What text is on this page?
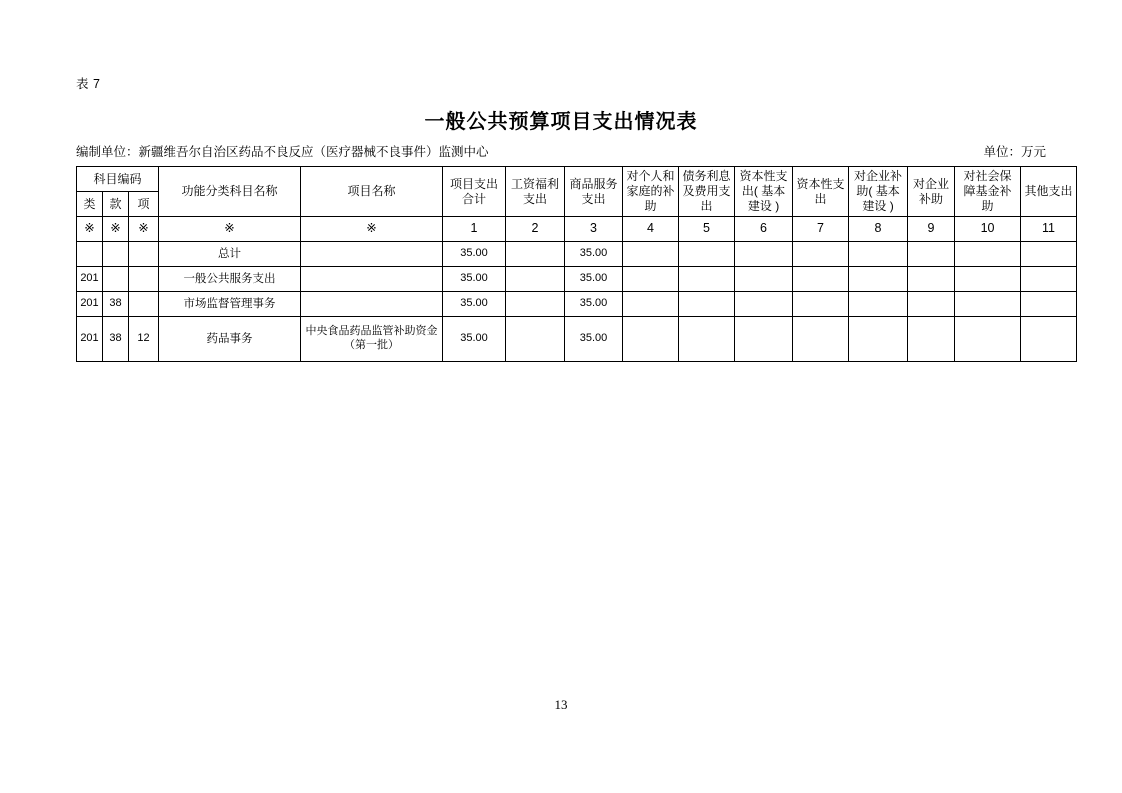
表 7
一般公共预算项目支出情况表
编制单位：新疆维吾尔自治区药品不良反应（医疗器械不良事件）监测中心	单位：万元
科目编码			功能分类科目名称	项目名称	项目支出合计	工资福利支出	商品服务支出	对个人和家庭的补助	债务利息及费用支出	资本性支出( 基本建设 )	资本性支出	对企业补助( 基本建设 )	对企业补助	对社会保障基金补助	其他支出
类	款	项													
※	※	※	※	※	1	2	3	4	5	6	7	8	9	10	11
			总计		35.00		35.00								
201			一般公共服务支出		35.00		35.00								
201	38		市场监督管理事务		35.00		35.00								
201	38	12	药品事务	中央食品药品监管补助资金（第一批）	35.00		35.00								
13
